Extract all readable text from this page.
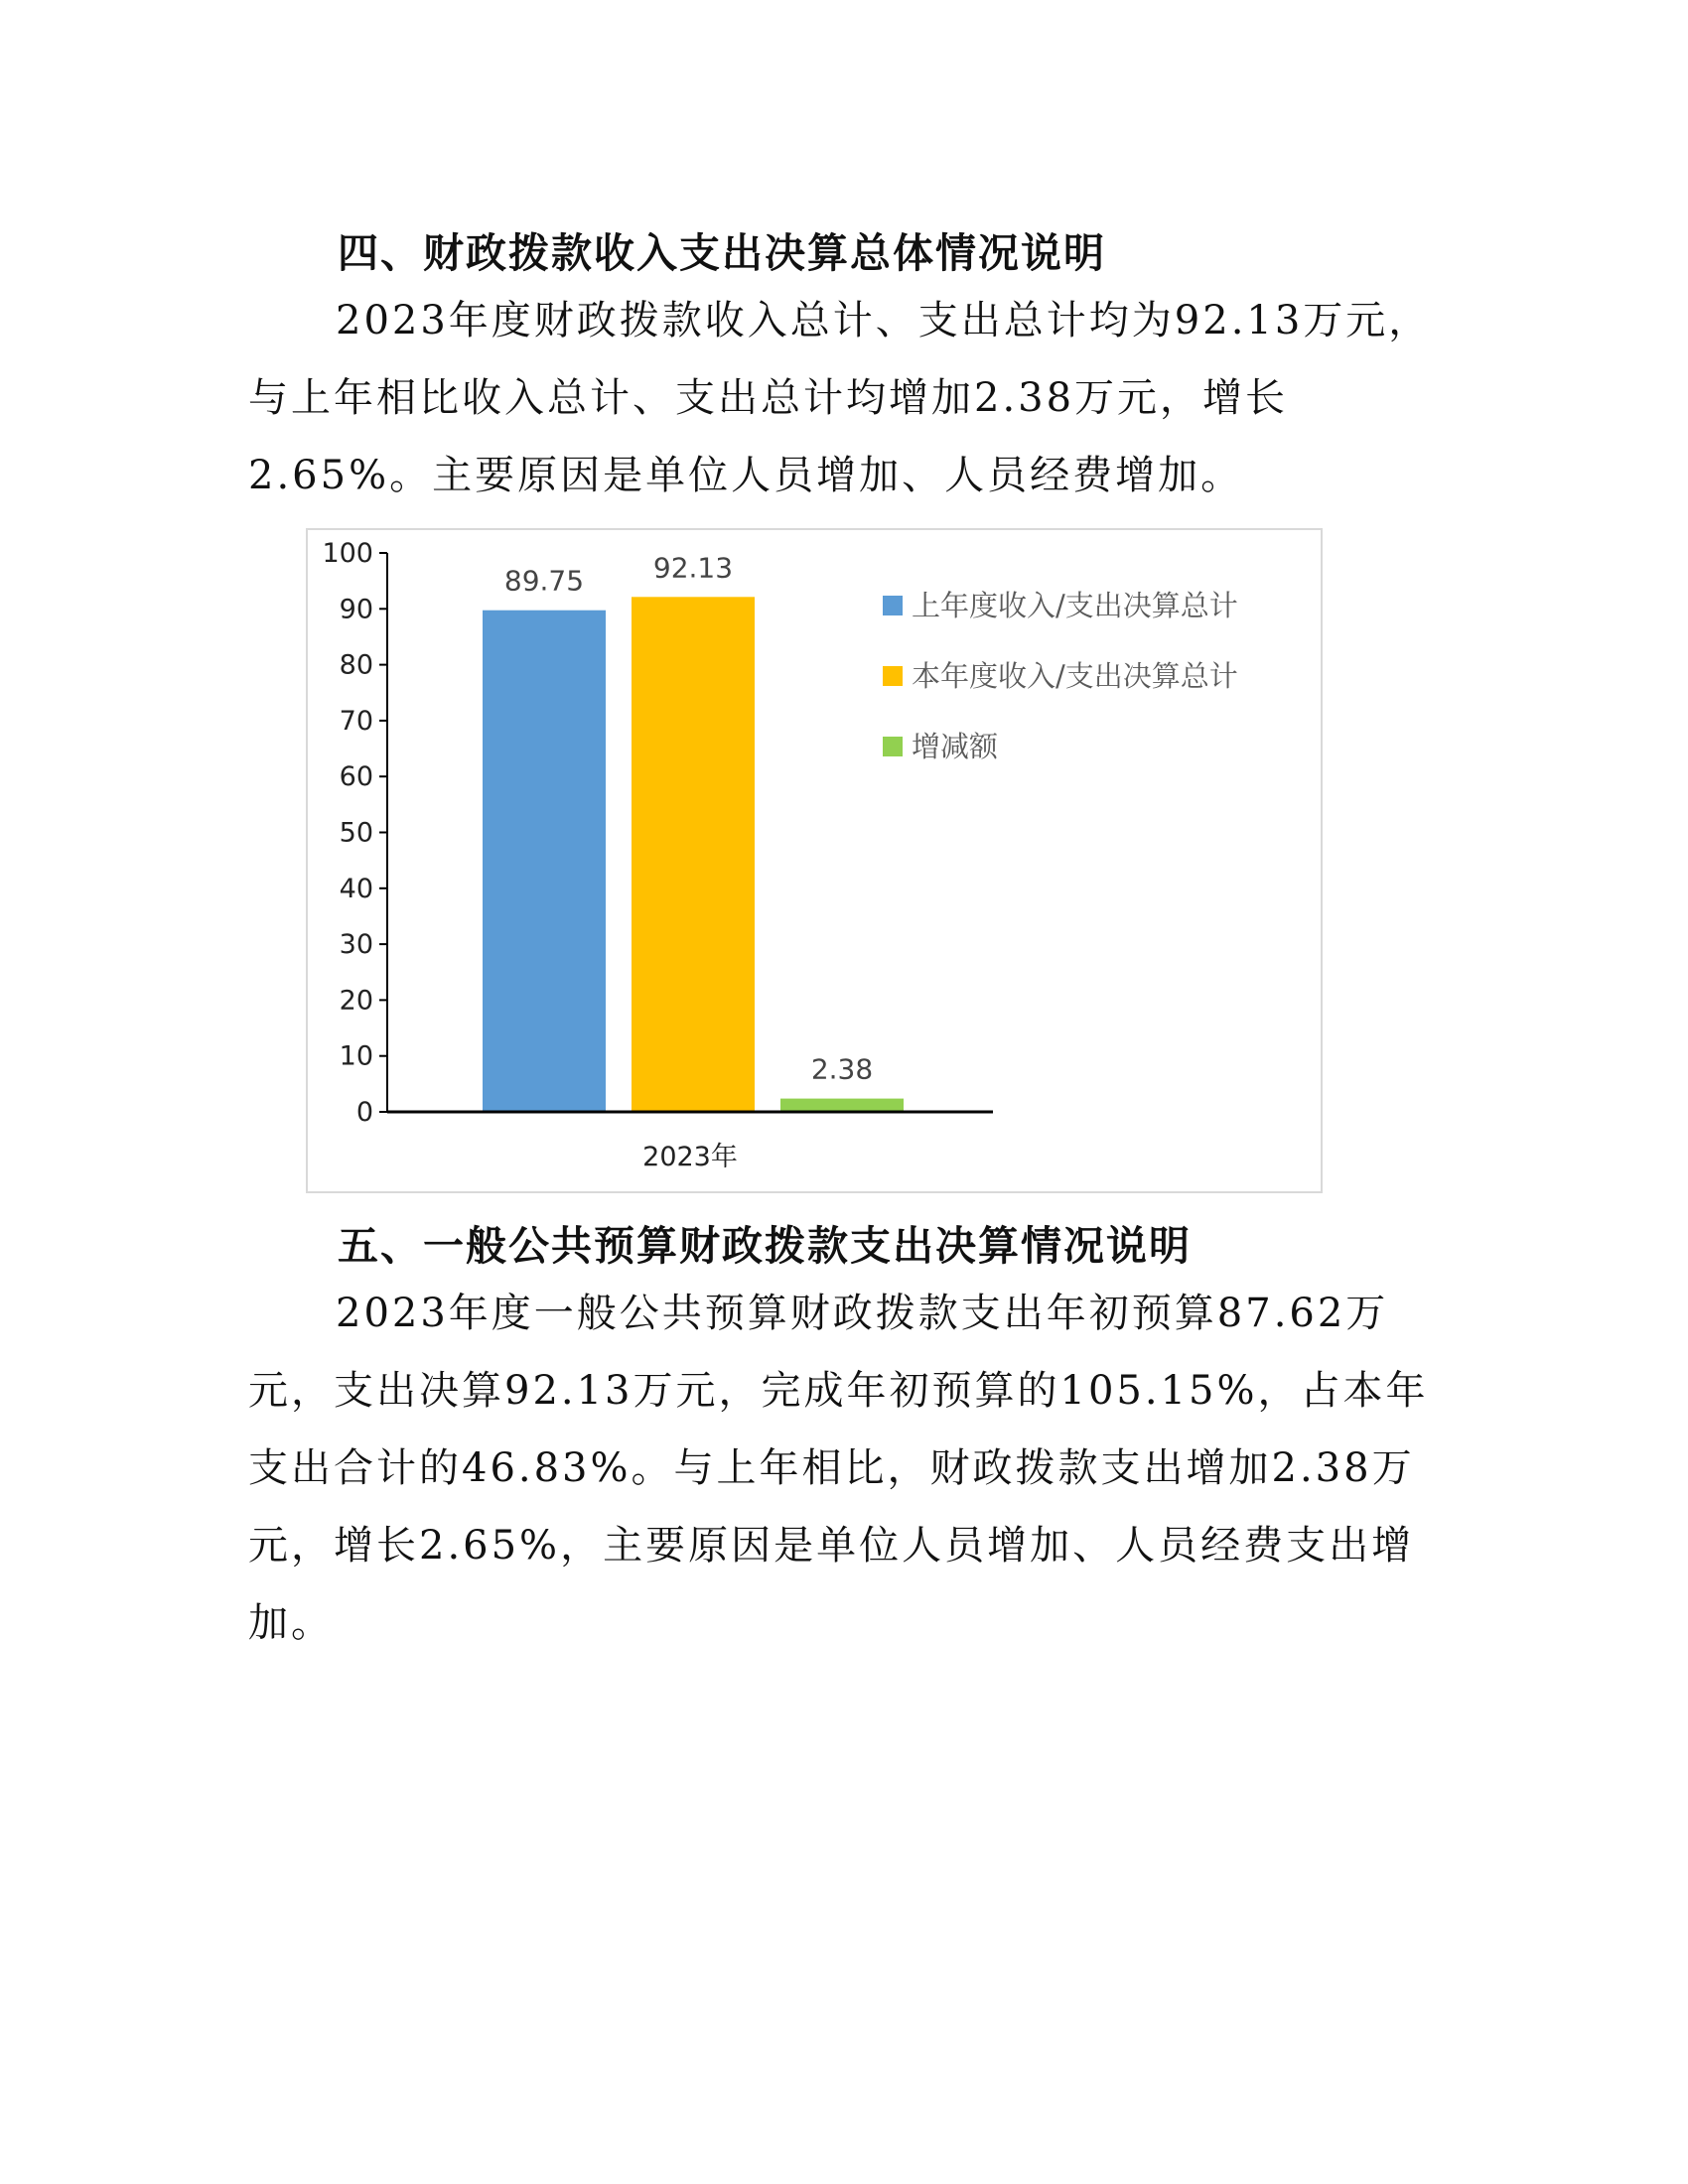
四、财政拨款收入支出决算总体情况说明
2023年度财政拨款收入总计、支出总计均为92.13万元，与上年相比收入总计、支出总计均增加2.38万元，增长2.65%。主要原因是单位人员增加、人员经费增加。
0
10
20
30
40
50
60
70
80
90
100
89.75 92.13
2.38
2023年
上年度收入/支出决算总计
本年度收入/支出决算总计
增减额
五、一般公共预算财政拨款支出决算情况说明
2023年度一般公共预算财政拨款支出年初预算87.62万元，支出决算92.13万元，完成年初预算的105.15%，占本年支出合计的46.83%。与上年相比，财政拨款支出增加2.38万元，增长2.65%，主要原因是单位人员增加、人员经费支出增加。
